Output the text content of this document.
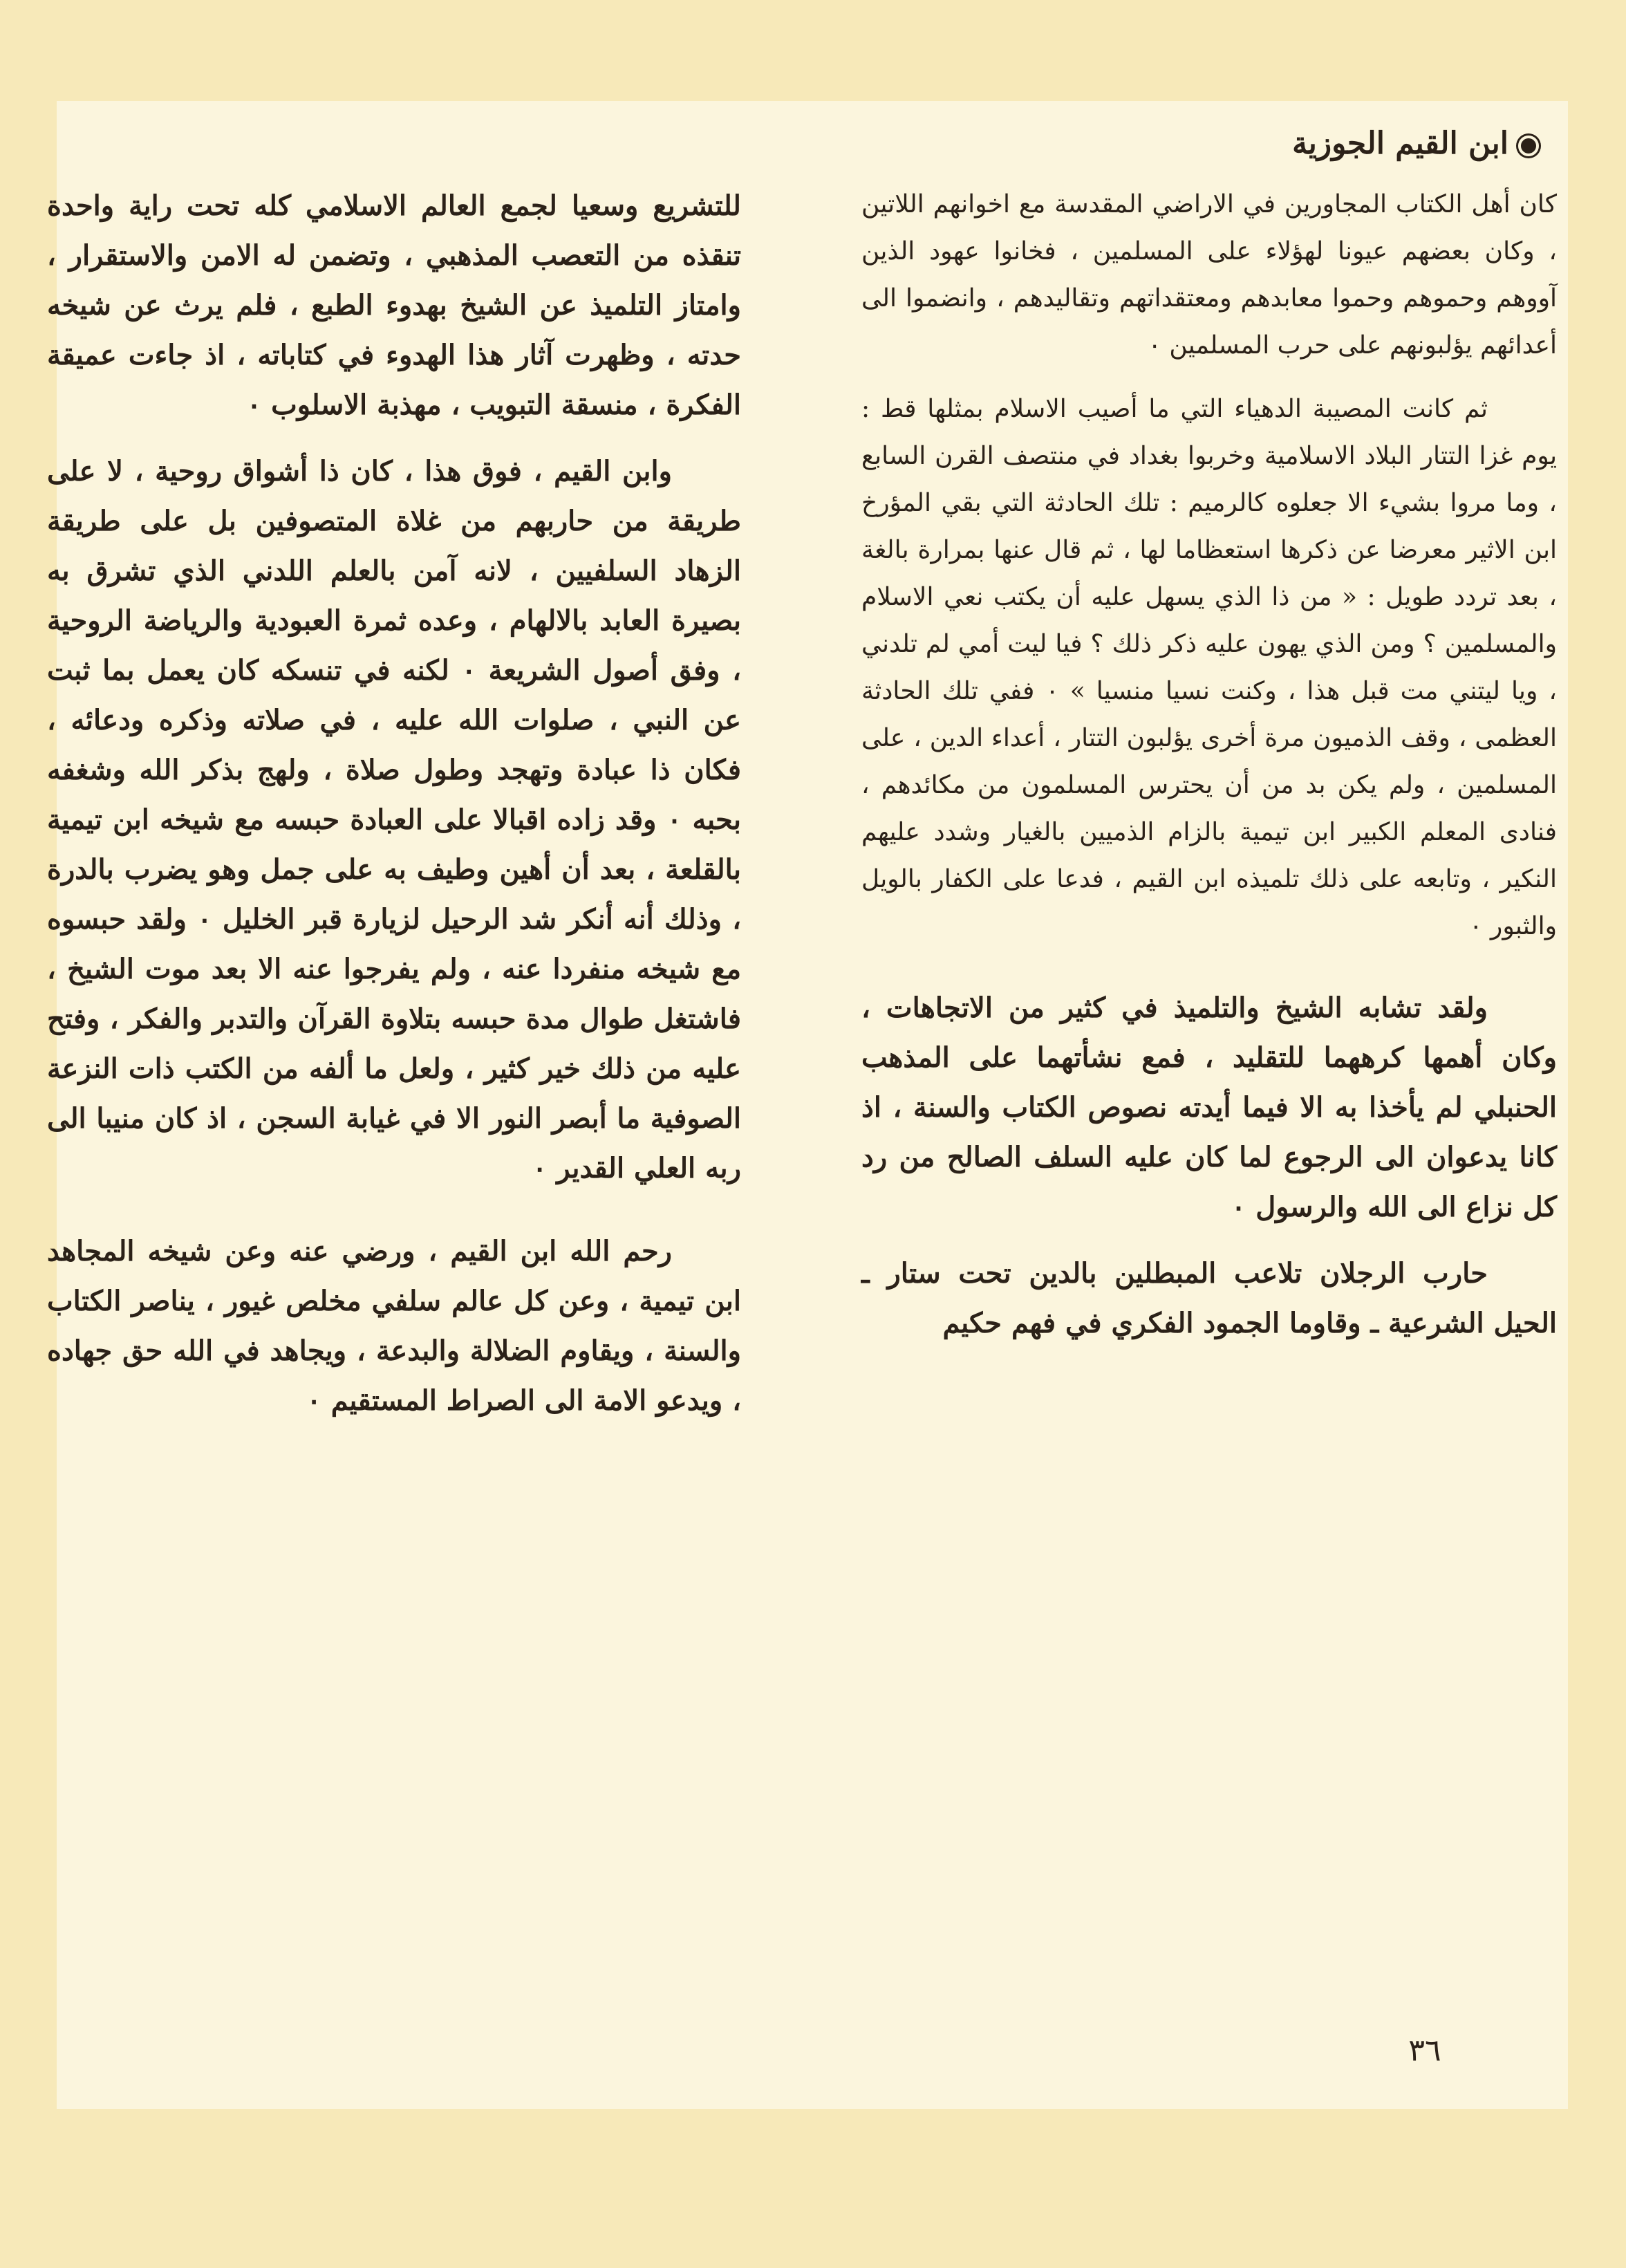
ابن القيم الجوزية

كان أهل الكتاب المجاورين في الاراضي المقدسة مع اخوانهم اللاتين ، وكان بعضهم عيونا لهؤلاء على المسلمين ، فخانوا عهود الذين آووهم وحموهم وحموا معابدهم ومعتقداتهم وتقاليدهم ، وانضموا الى أعدائهم يؤلبونهم على حرب المسلمين ٠

ثم كانت المصيبة الدهياء التي ما أصيب الاسلام بمثلها قط : يوم غزا التتار البلاد الاسلامية وخربوا بغداد في منتصف القرن السابع ، وما مروا بشيء الا جعلوه كالرميم : تلك الحادثة التي بقي المؤرخ ابن الاثير معرضا عن ذكرها استعظاما لها ، ثم قال عنها بمرارة بالغة ، بعد تردد طويل : « من ذا الذي يسهل عليه أن يكتب نعي الاسلام والمسلمين ؟ ومن الذي يهون عليه ذكر ذلك ؟ فيا ليت أمي لم تلدني ، ويا ليتني مت قبل هذا ، وكنت نسيا منسيا » ٠ ففي تلك الحادثة العظمى ، وقف الذميون مرة أخرى يؤلبون التتار ، أعداء الدين ، على المسلمين ، ولم يكن بد من أن يحترس المسلمون من مكائدهم ، فنادى المعلم الكبير ابن تيمية بالزام الذميين بالغيار وشدد عليهم النكير ، وتابعه على ذلك تلميذه ابن القيم ، فدعا على الكفار بالويل والثبور ٠

ولقد تشابه الشيخ والتلميذ في كثير من الاتجاهات ، وكان أهمها كرههما للتقليد ، فمع نشأتهما على المذهب الحنبلي لم يأخذا به الا فيما أيدته نصوص الكتاب والسنة ، اذ كانا يدعوان الى الرجوع لما كان عليه السلف الصالح من رد كل نزاع الى الله والرسول ٠

حارب الرجلان تلاعب المبطلين بالدين تحت ستار ـ الحيل الشرعية ـ وقاوما الجمود الفكري في فهم حكيم

للتشريع وسعيا لجمع العالم الاسلامي كله تحت راية واحدة تنقذه من التعصب المذهبي ، وتضمن له الامن والاستقرار ، وامتاز التلميذ عن الشيخ بهدوء الطبع ، فلم يرث عن شيخه حدته ، وظهرت آثار هذا الهدوء في كتاباته ، اذ جاءت عميقة الفكرة ، منسقة التبويب ، مهذبة الاسلوب ٠

وابن القيم ، فوق هذا ، كان ذا أشواق روحية ، لا على طريقة من حاربهم من غلاة المتصوفين بل على طريقة الزهاد السلفيين ، لانه آمن بالعلم اللدني الذي تشرق به بصيرة العابد بالالهام ، وعده ثمرة العبودية والرياضة الروحية ، وفق أصول الشريعة ٠ لكنه في تنسكه كان يعمل بما ثبت عن النبي ، صلوات الله عليه ، في صلاته وذكره ودعائه ، فكان ذا عبادة وتهجد وطول صلاة ، ولهج بذكر الله وشغفه بحبه ٠ وقد زاده اقبالا على العبادة حبسه مع شيخه ابن تيمية بالقلعة ، بعد أن أهين وطيف به على جمل وهو يضرب بالدرة ، وذلك أنه أنكر شد الرحيل لزيارة قبر الخليل ٠ ولقد حبسوه مع شيخه منفردا عنه ، ولم يفرجوا عنه الا بعد موت الشيخ ، فاشتغل طوال مدة حبسه بتلاوة القرآن والتدبر والفكر ، وفتح عليه من ذلك خير كثير ، ولعل ما ألفه من الكتب ذات النزعة الصوفية ما أبصر النور الا في غيابة السجن ، اذ كان منيبا الى ربه العلي القدير ٠

رحم الله ابن القيم ، ورضي عنه وعن شيخه المجاهد ابن تيمية ، وعن كل عالم سلفي مخلص غيور ، يناصر الكتاب والسنة ، ويقاوم الضلالة والبدعة ، ويجاهد في الله حق جهاده ، ويدعو الامة الى الصراط المستقيم ٠

٣٦
